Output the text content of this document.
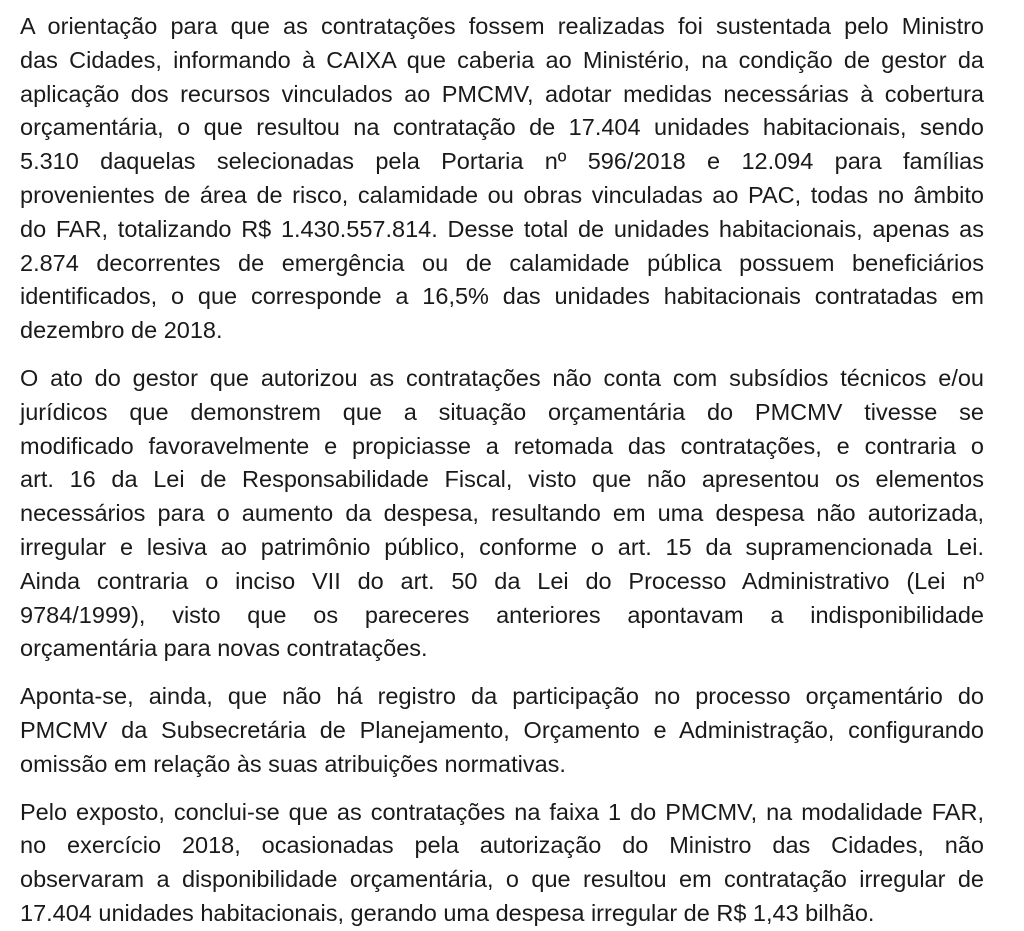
A orientação para que as contratações fossem realizadas foi sustentada pelo Ministro
das Cidades, informando à CAIXA que caberia ao Ministério, na condição de gestor da
aplicação dos recursos vinculados ao PMCMV, adotar medidas necessárias à cobertura
orçamentária, o que resultou na contratação de 17.404 unidades habitacionais, sendo
5.310 daquelas selecionadas pela Portaria nº 596/2018 e 12.094 para famílias
provenientes de área de risco, calamidade ou obras vinculadas ao PAC, todas no âmbito
do FAR, totalizando R$ 1.430.557.814. Desse total de unidades habitacionais, apenas as
2.874 decorrentes de emergência ou de calamidade pública possuem beneficiários
identificados, o que corresponde a 16,5% das unidades habitacionais contratadas em
dezembro de 2018.
O ato do gestor que autorizou as contratações não conta com subsídios técnicos e/ou
jurídicos que demonstrem que a situação orçamentária do PMCMV tivesse se
modificado favoravelmente e propiciasse a retomada das contratações, e contraria o
art. 16 da Lei de Responsabilidade Fiscal, visto que não apresentou os elementos
necessários para o aumento da despesa, resultando em uma despesa não autorizada,
irregular e lesiva ao patrimônio público, conforme o art. 15 da supramencionada Lei.
Ainda contraria o inciso VII do art. 50 da Lei do Processo Administrativo (Lei nº
9784/1999), visto que os pareceres anteriores apontavam a indisponibilidade
orçamentária para novas contratações.
Aponta-se, ainda, que não há registro da participação no processo orçamentário do
PMCMV da Subsecretária de Planejamento, Orçamento e Administração, configurando
omissão em relação às suas atribuições normativas.
Pelo exposto, conclui-se que as contratações na faixa 1 do PMCMV, na modalidade FAR,
no exercício 2018, ocasionadas pela autorização do Ministro das Cidades, não
observaram a disponibilidade orçamentária, o que resultou em contratação irregular de
17.404 unidades habitacionais, gerando uma despesa irregular de R$ 1,43 bilhão.
